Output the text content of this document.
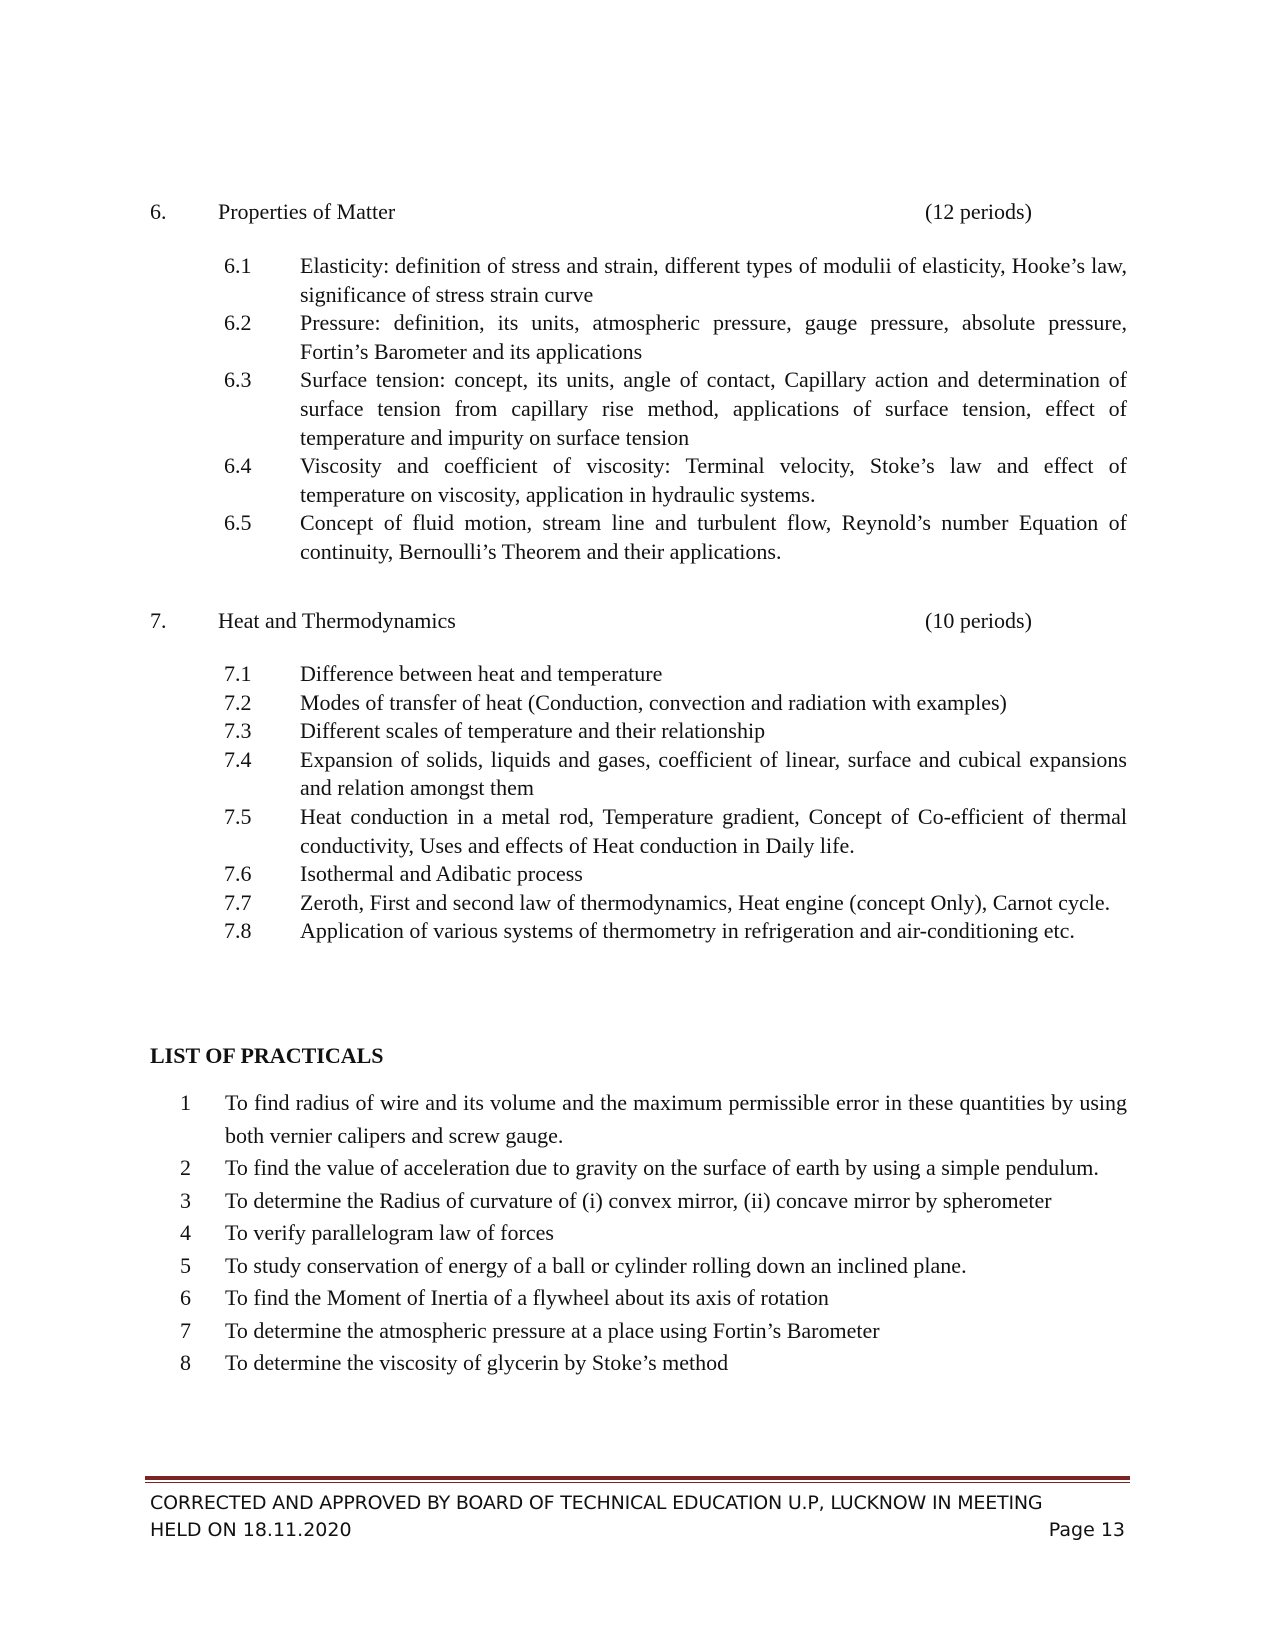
6. Properties of Matter	(12 periods)
6.1 Elasticity: definition of stress and strain, different types of modulii of elasticity, Hooke’s law, significance of stress strain curve
6.2 Pressure: definition, its units, atmospheric pressure, gauge pressure, absolute pressure, Fortin’s Barometer and its applications
6.3 Surface tension: concept, its units, angle of contact, Capillary action and determination of surface tension from capillary rise method, applications of surface tension, effect of temperature and impurity on surface tension
6.4 Viscosity and coefficient of viscosity: Terminal velocity, Stoke’s law and effect of temperature on viscosity, application in hydraulic systems.
6.5 Concept of fluid motion, stream line and turbulent flow, Reynold’s number Equation of continuity, Bernoulli’s Theorem and their applications.
7. Heat and Thermodynamics	(10 periods)
7.1 Difference between heat and temperature
7.2 Modes of transfer of heat (Conduction, convection and radiation with examples)
7.3 Different scales of temperature and their relationship
7.4 Expansion of solids, liquids and gases, coefficient of linear, surface and cubical expansions and relation amongst them
7.5 Heat conduction in a metal rod, Temperature gradient, Concept of Co-efficient of thermal conductivity, Uses and effects of Heat conduction in Daily life.
7.6 Isothermal and Adibatic process
7.7 Zeroth, First and second law of thermodynamics, Heat engine (concept Only), Carnot cycle.
7.8 Application of various systems of thermometry in refrigeration and air-conditioning etc.
LIST OF PRACTICALS
1 To find radius of wire and its volume and the maximum permissible error in these quantities by using both vernier calipers and screw gauge.
2 To find the value of acceleration due to gravity on the surface of earth by using a simple pendulum.
3 To determine the Radius of curvature of (i) convex mirror, (ii) concave mirror by spherometer
4 To verify parallelogram law of forces
5 To study conservation of energy of a ball or cylinder rolling down an inclined plane.
6 To find the Moment of Inertia of a flywheel about its axis of rotation
7 To determine the atmospheric pressure at a place using Fortin’s Barometer
8 To determine the viscosity of glycerin by Stoke’s method
CORRECTED AND APPROVED BY BOARD OF TECHNICAL EDUCATION U.P, LUCKNOW IN MEETING
HELD ON 18.11.2020	Page 13
